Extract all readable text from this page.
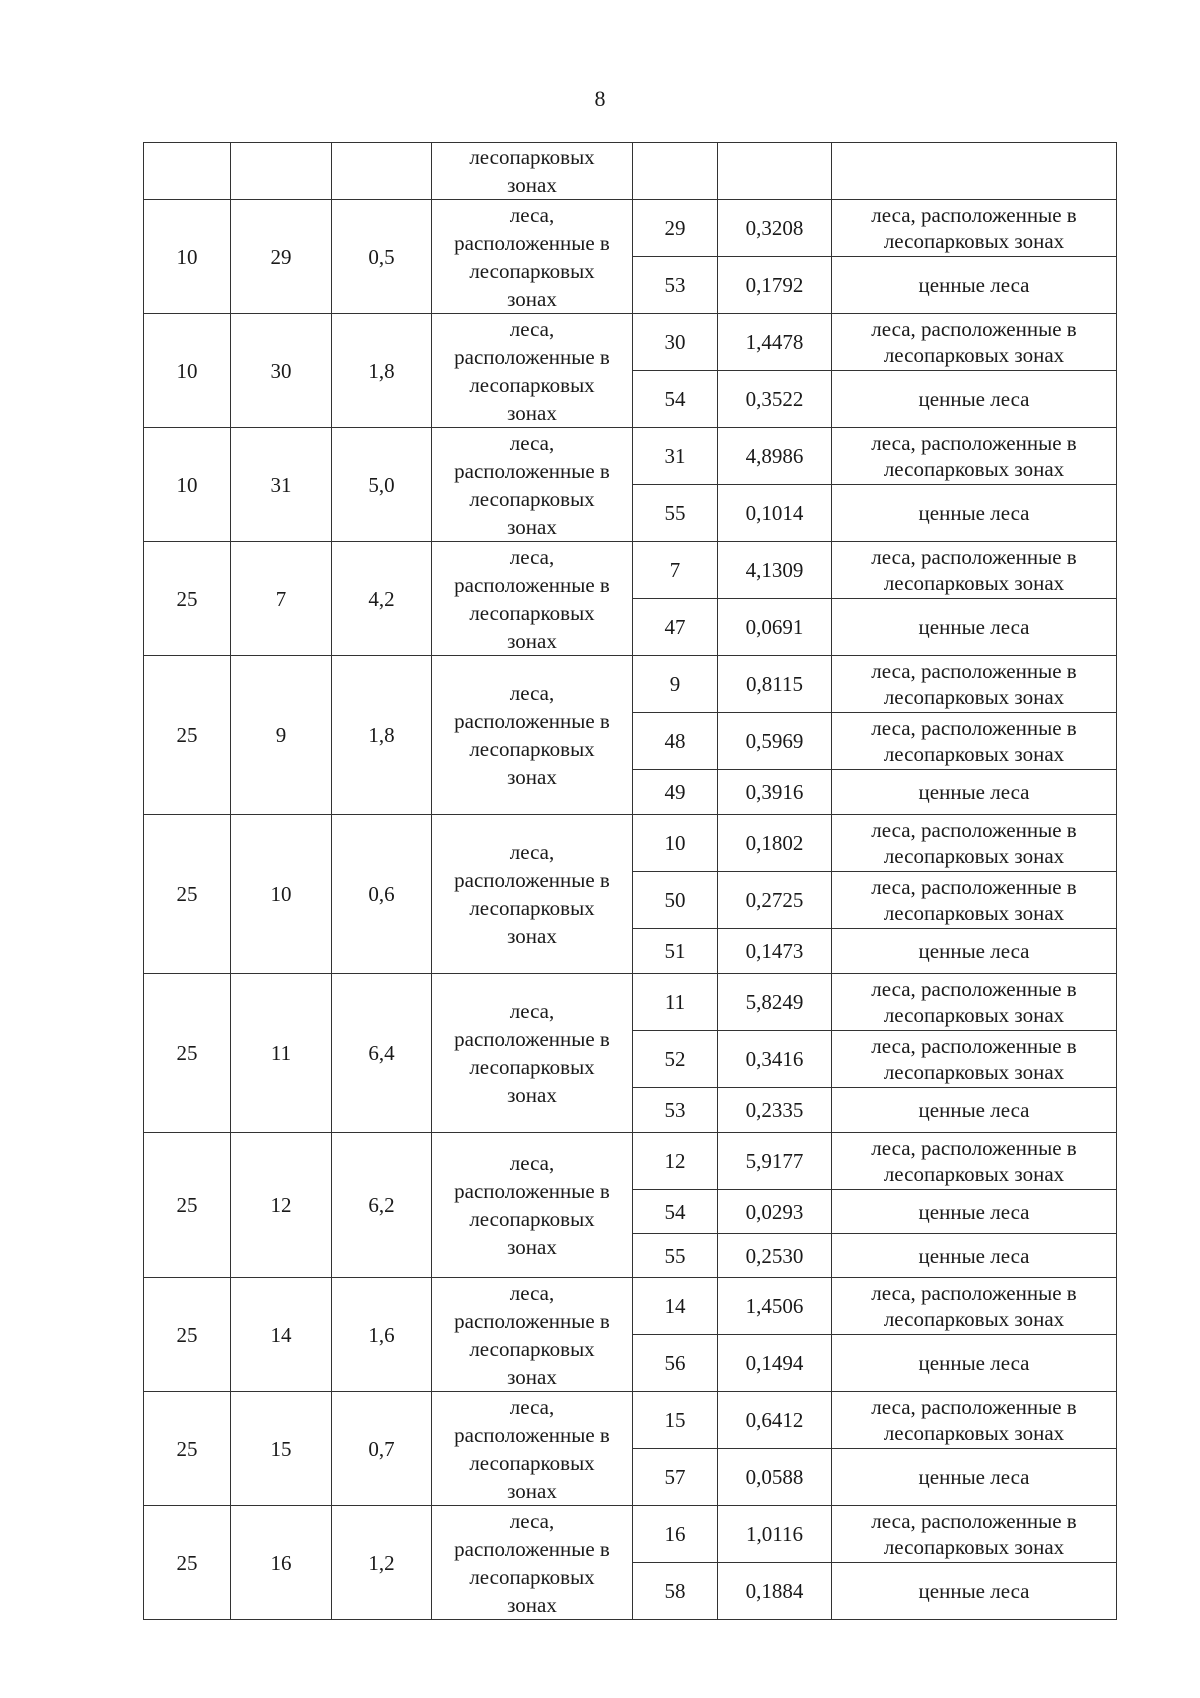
8
			лесопарковых
зонах			
10	29	0,5	леса,
расположенные в
лесопарковых
зонах	29	0,3208	леса, расположенные в
лесопарковых зонах
				53	0,1792	ценные леса
10	30	1,8	леса,
расположенные в
лесопарковых
зонах	30	1,4478	леса, расположенные в
лесопарковых зонах
				54	0,3522	ценные леса
10	31	5,0	леса,
расположенные в
лесопарковых
зонах	31	4,8986	леса, расположенные в
лесопарковых зонах
				55	0,1014	ценные леса
25	7	4,2	леса,
расположенные в
лесопарковых
зонах	7	4,1309	леса, расположенные в
лесопарковых зонах
				47	0,0691	ценные леса
25	9	1,8	леса,
расположенные в
лесопарковых
зонах	9	0,8115	леса, расположенные в
лесопарковых зонах
				48	0,5969	леса, расположенные в
лесопарковых зонах
				49	0,3916	ценные леса
25	10	0,6	леса,
расположенные в
лесопарковых
зонах	10	0,1802	леса, расположенные в
лесопарковых зонах
				50	0,2725	леса, расположенные в
лесопарковых зонах
				51	0,1473	ценные леса
25	11	6,4	леса,
расположенные в
лесопарковых
зонах	11	5,8249	леса, расположенные в
лесопарковых зонах
				52	0,3416	леса, расположенные в
лесопарковых зонах
				53	0,2335	ценные леса
25	12	6,2	леса,
расположенные в
лесопарковых
зонах	12	5,9177	леса, расположенные в
лесопарковых зонах
				54	0,0293	ценные леса
				55	0,2530	ценные леса
25	14	1,6	леса,
расположенные в
лесопарковых
зонах	14	1,4506	леса, расположенные в
лесопарковых зонах
				56	0,1494	ценные леса
25	15	0,7	леса,
расположенные в
лесопарковых
зонах	15	0,6412	леса, расположенные в
лесопарковых зонах
				57	0,0588	ценные леса
25	16	1,2	леса,
расположенные в
лесопарковых
зонах	16	1,0116	леса, расположенные в
лесопарковых зонах
				58	0,1884	ценные леса
